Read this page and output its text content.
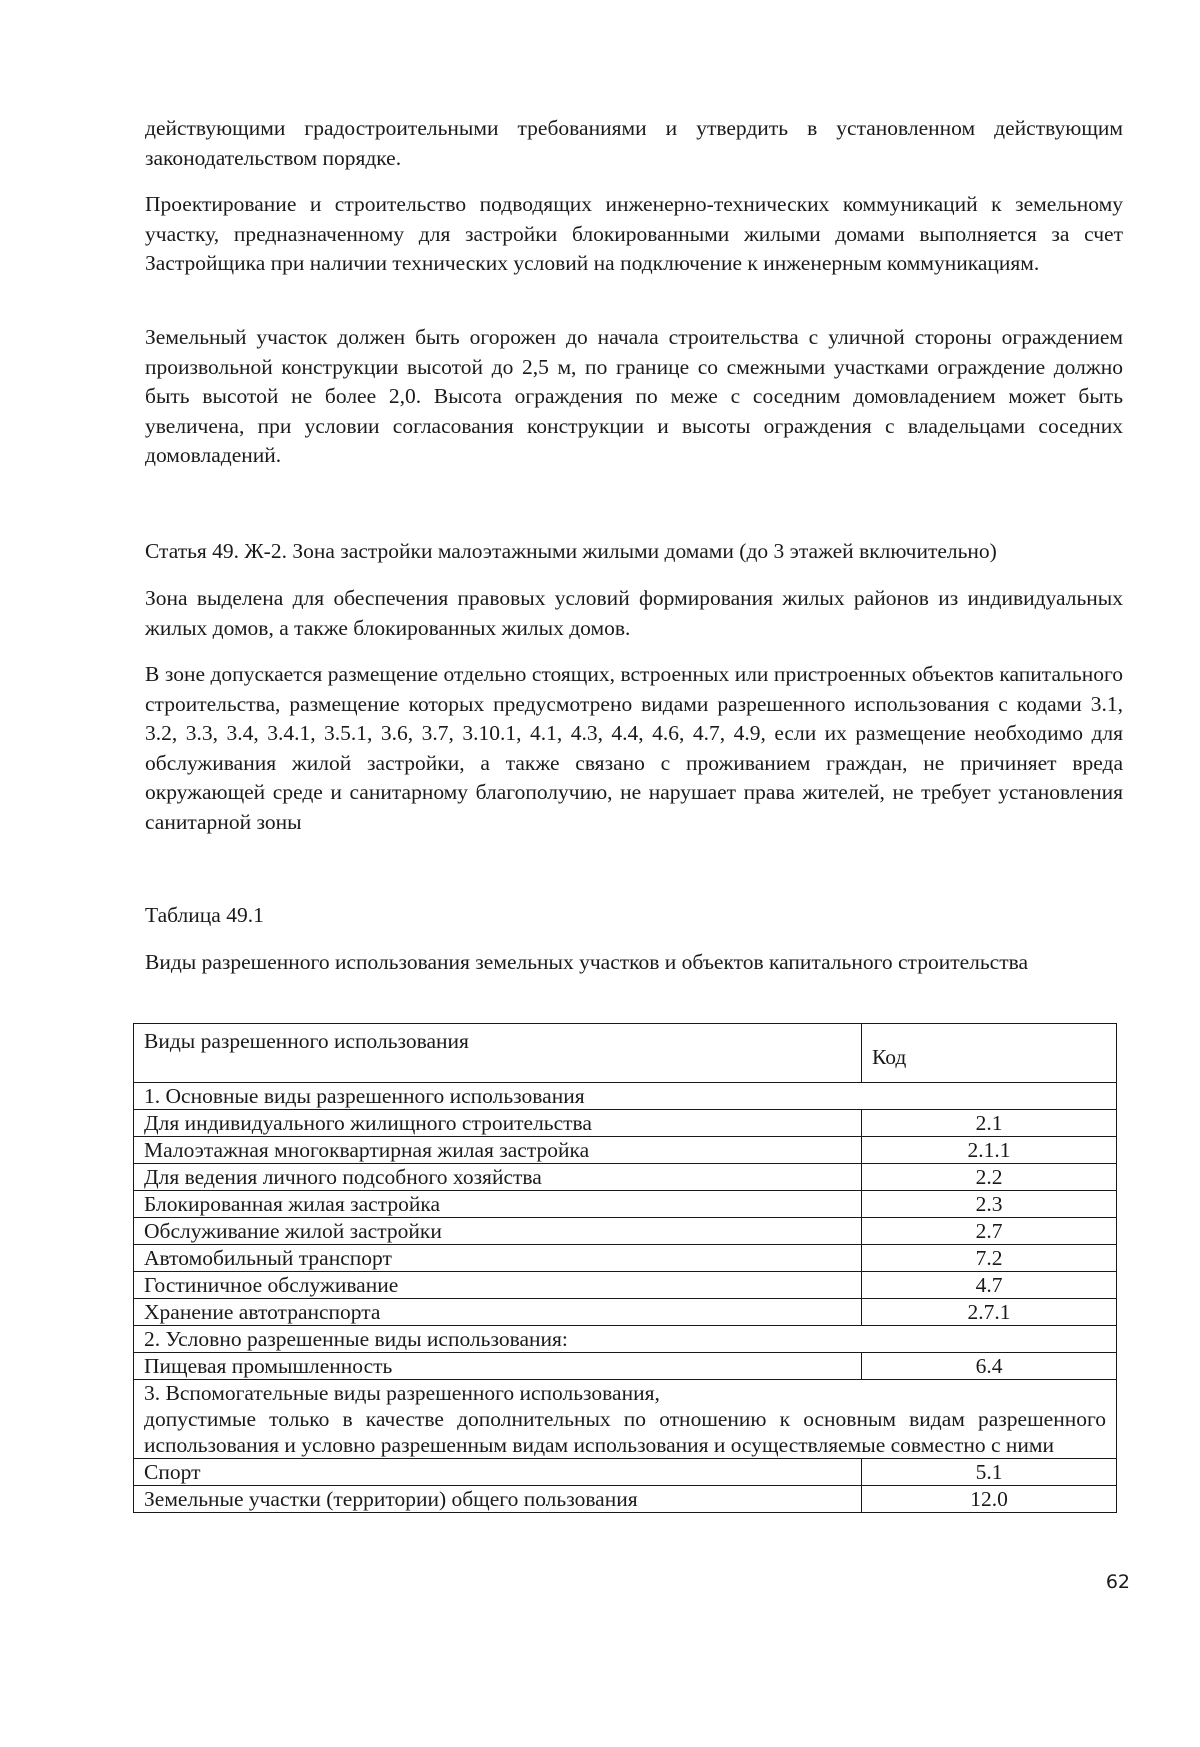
действующими градостроительными требованиями и утвердить в установленном действующим законодательством порядке.

Проектирование и строительство подводящих инженерно-технических коммуникаций к земельному участку, предназначенному для застройки блокированными жилыми домами выполняется за счет Застройщика при наличии технических условий на подключение к инженерным коммуникациям.

Земельный участок должен быть огорожен до начала строительства с уличной стороны ограждением произвольной конструкции высотой до 2,5 м, по границе со смежными участками ограждение должно быть высотой не более 2,0. Высота ограждения по меже с соседним домовладением может быть увеличена, при условии согласования конструкции и высоты ограждения с владельцами соседних домовладений.

Статья 49. Ж-2. Зона застройки малоэтажными жилыми домами (до 3 этажей включительно)

Зона выделена для обеспечения правовых условий формирования жилых районов из индивидуальных жилых домов, а также блокированных жилых домов.

В зоне допускается размещение отдельно стоящих, встроенных или пристроенных объектов капитального строительства, размещение которых предусмотрено видами разрешенного использования с кодами 3.1, 3.2, 3.3, 3.4, 3.4.1, 3.5.1, 3.6, 3.7, 3.10.1, 4.1, 4.3, 4.4, 4.6, 4.7, 4.9, если их размещение необходимо для обслуживания жилой застройки, а также связано с проживанием граждан, не причиняет вреда окружающей среде и санитарному благополучию, не нарушает права жителей, не требует установления санитарной зоны

Таблица 49.1

Виды разрешенного использования земельных участков и объектов капитального строительства

Виды разрешенного использования	Код
1. Основные виды разрешенного использования	
Для индивидуального жилищного строительства	2.1
Малоэтажная многоквартирная жилая застройка	2.1.1
Для ведения личного подсобного хозяйства	2.2
Блокированная жилая застройка	2.3
Обслуживание жилой застройки	2.7
Автомобильный транспорт	7.2
Гостиничное обслуживание	4.7
Хранение автотранспорта	2.7.1
2. Условно разрешенные виды использования:	
Пищевая промышленность	6.4

3. Вспомогательные виды разрешенного использования,
допустимые только в качестве дополнительных по отношению к основным видам разрешенного использования и условно разрешенным видам использования и осуществляемые совместно с ними	

Спорт	5.1
Земельные участки (территории) общего пользования	12.0
62
